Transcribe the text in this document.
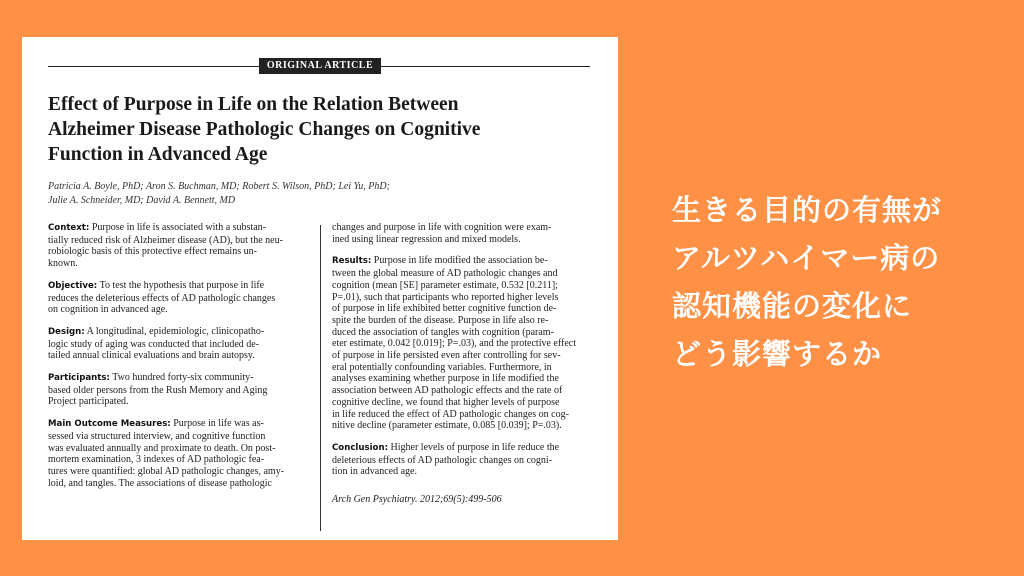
ORIGINAL ARTICLE
Effect of Purpose in Life on the Relation Between
Alzheimer Disease Pathologic Changes on Cognitive
Function in Advanced Age
Patricia A. Boyle, PhD; Aron S. Buchman, MD; Robert S. Wilson, PhD; Lei Yu, PhD;
Julie A. Schneider, MD; David A. Bennett, MD
Context: Purpose in life is associated with a substan-
tially reduced risk of Alzheimer disease (AD), but the neu-
robiologic basis of this protective effect remains un-
known.
Objective: To test the hypothesis that purpose in life
reduces the deleterious effects of AD pathologic changes
on cognition in advanced age.
Design: A longitudinal, epidemiologic, clinicopatho-
logic study of aging was conducted that included de-
tailed annual clinical evaluations and brain autopsy.
Participants: Two hundred forty-six community-
based older persons from the Rush Memory and Aging
Project participated.
Main Outcome Measures: Purpose in life was as-
sessed via structured interview, and cognitive function
was evaluated annually and proximate to death. On post-
mortem examination, 3 indexes of AD pathologic fea-
tures were quantified: global AD pathologic changes, amy-
loid, and tangles. The associations of disease pathologic
changes and purpose in life with cognition were exam-
ined using linear regression and mixed models.
Results: Purpose in life modified the association be-
tween the global measure of AD pathologic changes and
cognition (mean [SE] parameter estimate, 0.532 [0.211];
P=.01), such that participants who reported higher levels
of purpose in life exhibited better cognitive function de-
spite the burden of the disease. Purpose in life also re-
duced the association of tangles with cognition (param-
eter estimate, 0.042 [0.019]; P=.03), and the protective effect
of purpose in life persisted even after controlling for sev-
eral potentially confounding variables. Furthermore, in
analyses examining whether purpose in life modified the
association between AD pathologic effects and the rate of
cognitive decline, we found that higher levels of purpose
in life reduced the effect of AD pathologic changes on cog-
nitive decline (parameter estimate, 0.085 [0.039]; P=.03).
Conclusion: Higher levels of purpose in life reduce the
deleterious effects of AD pathologic changes on cogni-
tion in advanced age.
Arch Gen Psychiatry. 2012;69(5):499-506
生きる目的の有無が
アルツハイマー病の
認知機能の変化に
どう影響するか
